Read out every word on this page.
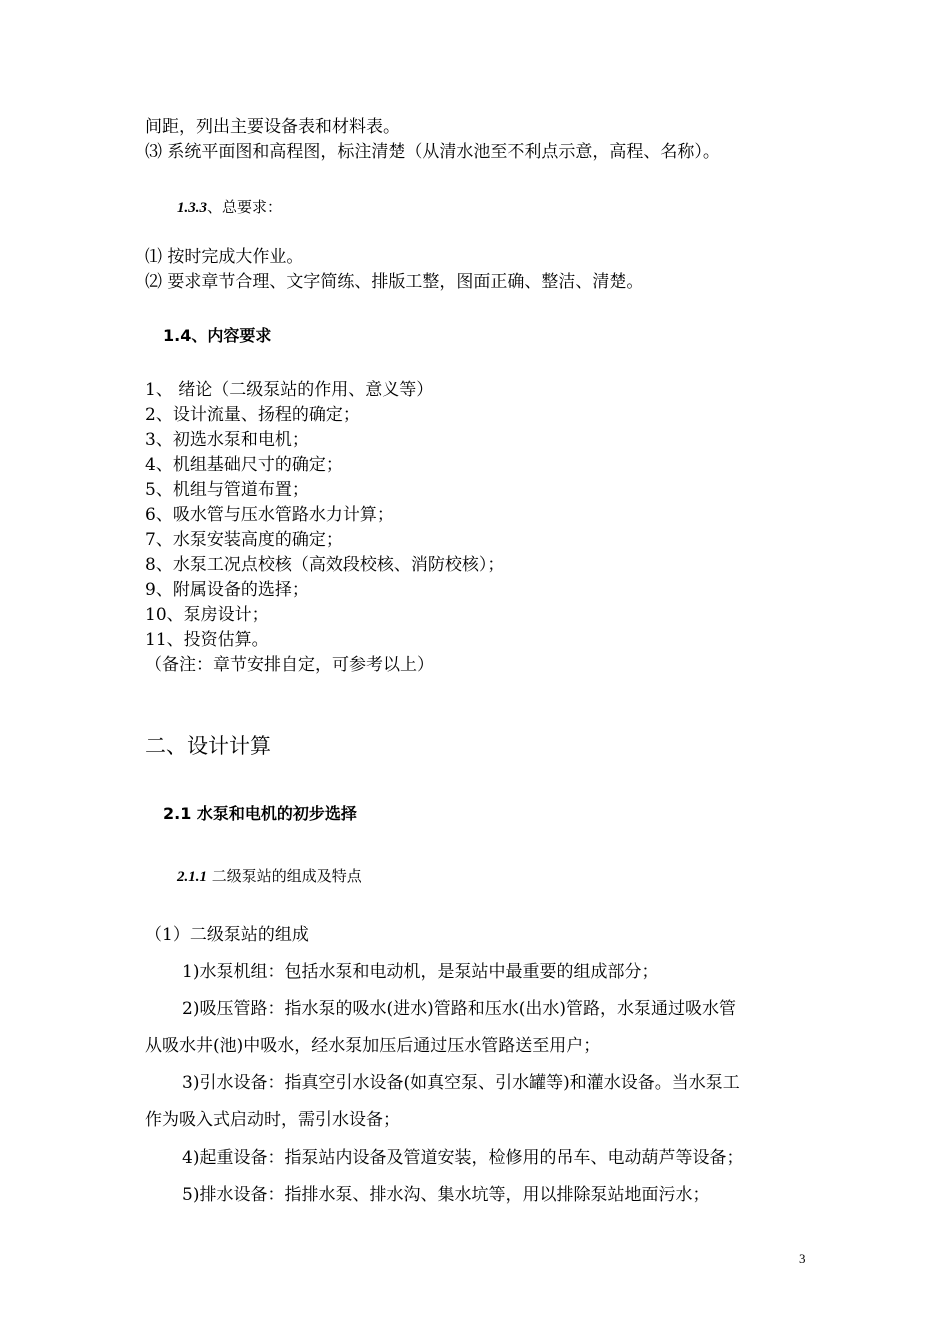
间距，列出主要设备表和材料表。
⑶ 系统平面图和高程图，标注清楚（从清水池至不利点示意，高程、名称）。
1.3.3、总要求：
⑴ 按时完成大作业。
⑵ 要求章节合理、文字简练、排版工整，图面正确、整洁、清楚。
1.4、内容要求
1、 绪论（二级泵站的作用、意义等）
2、设计流量、扬程的确定；
3、初选水泵和电机；
4、机组基础尺寸的确定；
5、机组与管道布置；
6、吸水管与压水管路水力计算；
7、水泵安装高度的确定；
8、水泵工况点校核（高效段校核、消防校核）；
9、附属设备的选择；
10、泵房设计；
11、投资估算。
（备注：章节安排自定，可参考以上）
二、设计计算
2.1 水泵和电机的初步选择
2.1.1 二级泵站的组成及特点
（1）二级泵站的组成
1)水泵机组：包括水泵和电动机，是泵站中最重要的组成部分；
2)吸压管路：指水泵的吸水(进水)管路和压水(出水)管路，水泵通过吸水管
从吸水井(池)中吸水，经水泵加压后通过压水管路送至用户；
3)引水设备：指真空引水设备(如真空泵、引水罐等)和灌水设备。当水泵工
作为吸入式启动时，需引水设备；
4)起重设备：指泵站内设备及管道安装，检修用的吊车、电动葫芦等设备；
5)排水设备：指排水泵、排水沟、集水坑等，用以排除泵站地面污水；
3
